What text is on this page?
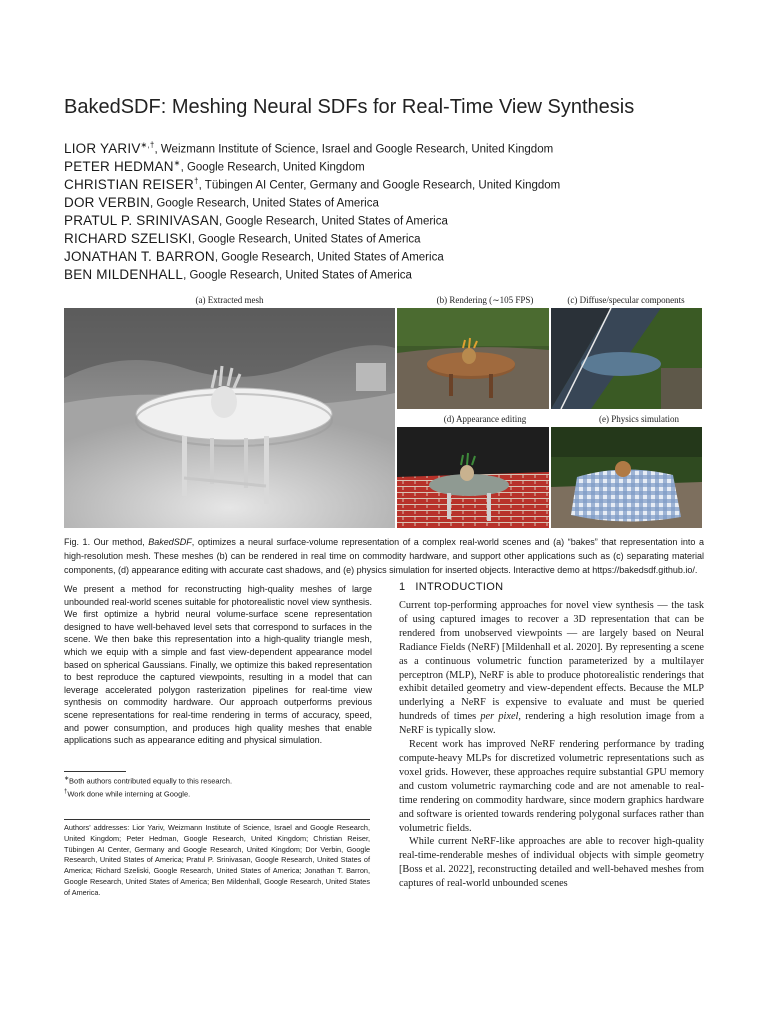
BakedSDF: Meshing Neural SDFs for Real-Time View Synthesis
LIOR YARIV∗,†, Weizmann Institute of Science, Israel and Google Research, United Kingdom
PETER HEDMAN∗, Google Research, United Kingdom
CHRISTIAN REISER†, Tübingen AI Center, Germany and Google Research, United Kingdom
DOR VERBIN, Google Research, United States of America
PRATUL P. SRINIVASAN, Google Research, United States of America
RICHARD SZELISKI, Google Research, United States of America
JONATHAN T. BARRON, Google Research, United States of America
BEN MILDENHALL, Google Research, United States of America
(a) Extracted mesh	(b) Rendering (∼105 FPS)	(c) Diffuse/specular components
(d) Appearance editing	(e) Physics simulation
Fig. 1. Our method, BakedSDF, optimizes a neural surface-volume representation of a complex real-world scenes and (a) “bakes” that representation into a high-resolution mesh. These meshes (b) can be rendered in real time on commodity hardware, and support other applications such as (c) separating material components, (d) appearance editing with accurate cast shadows, and (e) physics simulation for inserted objects. Interactive demo at https://bakedsdf.github.io/.
We present a method for reconstructing high-quality meshes of large unbounded real-world scenes suitable for photorealistic novel view synthesis. We first optimize a hybrid neural volume-surface scene representation designed to have well-behaved level sets that correspond to surfaces in the scene. We then bake this representation into a high-quality triangle mesh, which we equip with a simple and fast view-dependent appearance model based on spherical Gaussians. Finally, we optimize this baked representation to best reproduce the captured viewpoints, resulting in a model that can leverage accelerated polygon rasterization pipelines for real-time view synthesis on commodity hardware. Our approach outperforms previous scene representations for real-time rendering in terms of accuracy, speed, and power consumption, and produces high quality meshes that enable applications such as appearance editing and physical simulation.
∗Both authors contributed equally to this research.
†Work done while interning at Google.
Authors’ addresses: Lior Yariv, Weizmann Institute of Science, Israel and Google Research, United Kingdom; Peter Hedman, Google Research, United Kingdom; Christian Reiser, Tübingen AI Center, Germany and Google Research, United Kingdom; Dor Verbin, Google Research, United States of America; Pratul P. Srinivasan, Google Research, United States of America; Richard Szeliski, Google Research, United States of America; Jonathan T. Barron, Google Research, United States of America; Ben Mildenhall, Google Research, United States of America.
1 INTRODUCTION

Current top-performing approaches for novel view synthesis — the task of using captured images to recover a 3D representation that can be rendered from unobserved viewpoints — are largely based on Neural Radiance Fields (NeRF) [Mildenhall et al. 2020]. By representing a scene as a continuous volumetric function parameterized by a multilayer perceptron (MLP), NeRF is able to produce photorealistic renderings that exhibit detailed geometry and view-dependent effects. Because the MLP underlying a NeRF is expensive to evaluate and must be queried hundreds of times per pixel, rendering a high resolution image from a NeRF is typically slow.

Recent work has improved NeRF rendering performance by trading compute-heavy MLPs for discretized volumetric representations such as voxel grids. However, these approaches require substantial GPU memory and custom volumetric raymarching code and are not amenable to real-time rendering on commodity hardware, since modern graphics hardware and software is oriented towards rendering polygonal surfaces rather than volumetric fields.

While current NeRF-like approaches are able to recover high-quality real-time-renderable meshes of individual objects with simple geometry [Boss et al. 2022], reconstructing detailed and well-behaved meshes from captures of real-world unbounded scenes
